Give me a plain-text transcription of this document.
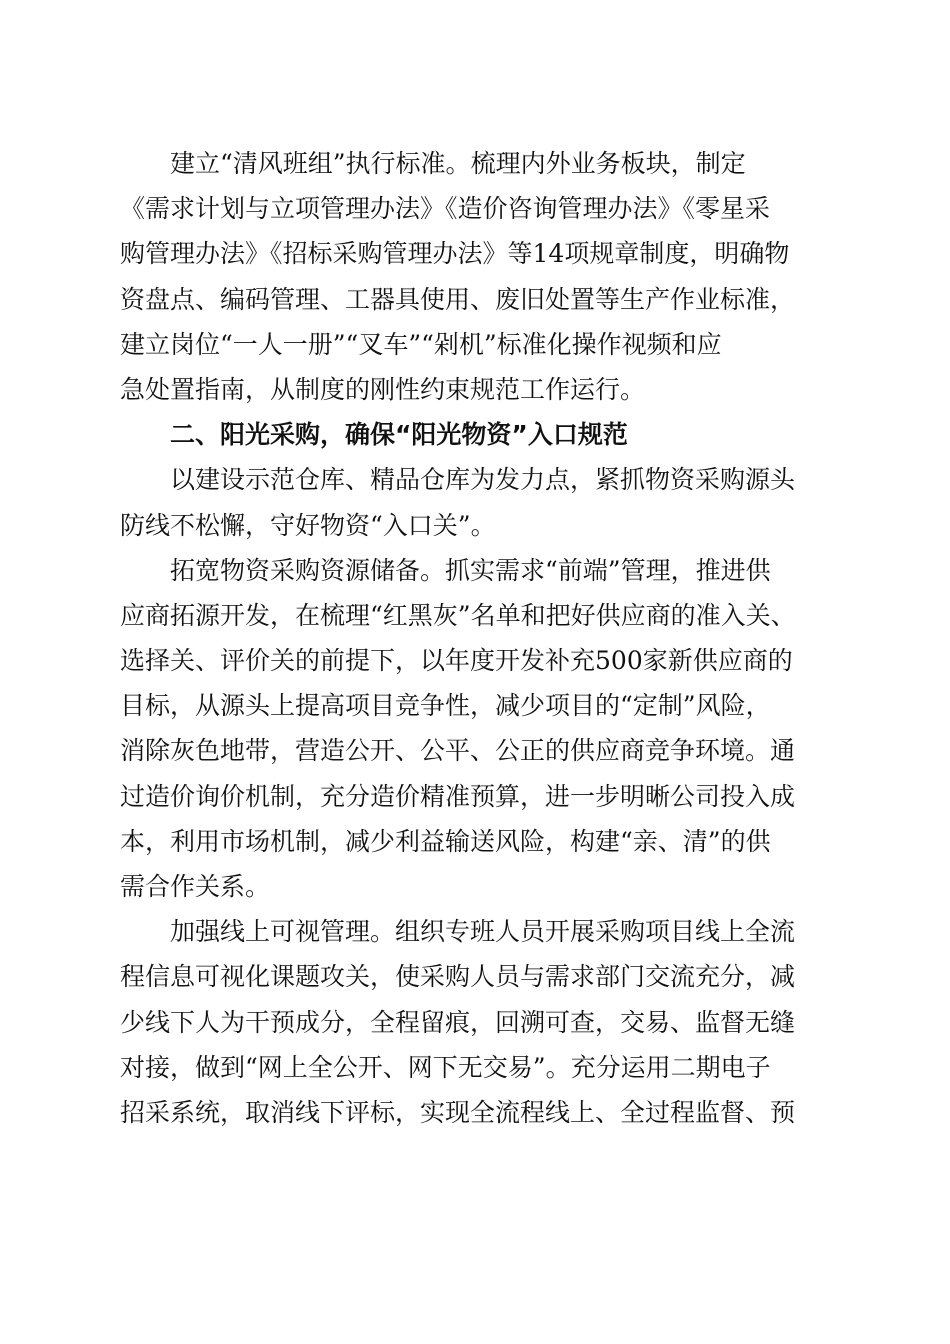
建立“清风班组”执行标准。梳理内外业务板块，制定
《需求计划与立项管理办法》《造价咨询管理办法》《零星采
购管理办法》《招标采购管理办法》等14项规章制度，明确物
资盘点、编码管理、工器具使用、废旧处置等生产作业标准，
建立岗位“一人一册”“叉车”“剁机”标准化操作视频和应
急处置指南，从制度的刚性约束规范工作运行。
二、阳光采购，确保“阳光物资”入口规范
以建设示范仓库、精品仓库为发力点，紧抓物资采购源头
防线不松懈，守好物资“入口关”。
拓宽物资采购资源储备。抓实需求“前端”管理，推进供
应商拓源开发，在梳理“红黑灰”名单和把好供应商的准入关、
选择关、评价关的前提下，以年度开发补充500家新供应商的
目标，从源头上提高项目竞争性，减少项目的“定制”风险，
消除灰色地带，营造公开、公平、公正的供应商竞争环境。通
过造价询价机制，充分造价精准预算，进一步明晰公司投入成
本，利用市场机制，减少利益输送风险，构建“亲、清”的供
需合作关系。
加强线上可视管理。组织专班人员开展采购项目线上全流
程信息可视化课题攻关，使采购人员与需求部门交流充分，减
少线下人为干预成分，全程留痕，回溯可查，交易、监督无缝
对接，做到“网上全公开、网下无交易”。充分运用二期电子
招采系统，取消线下评标，实现全流程线上、全过程监督、预
